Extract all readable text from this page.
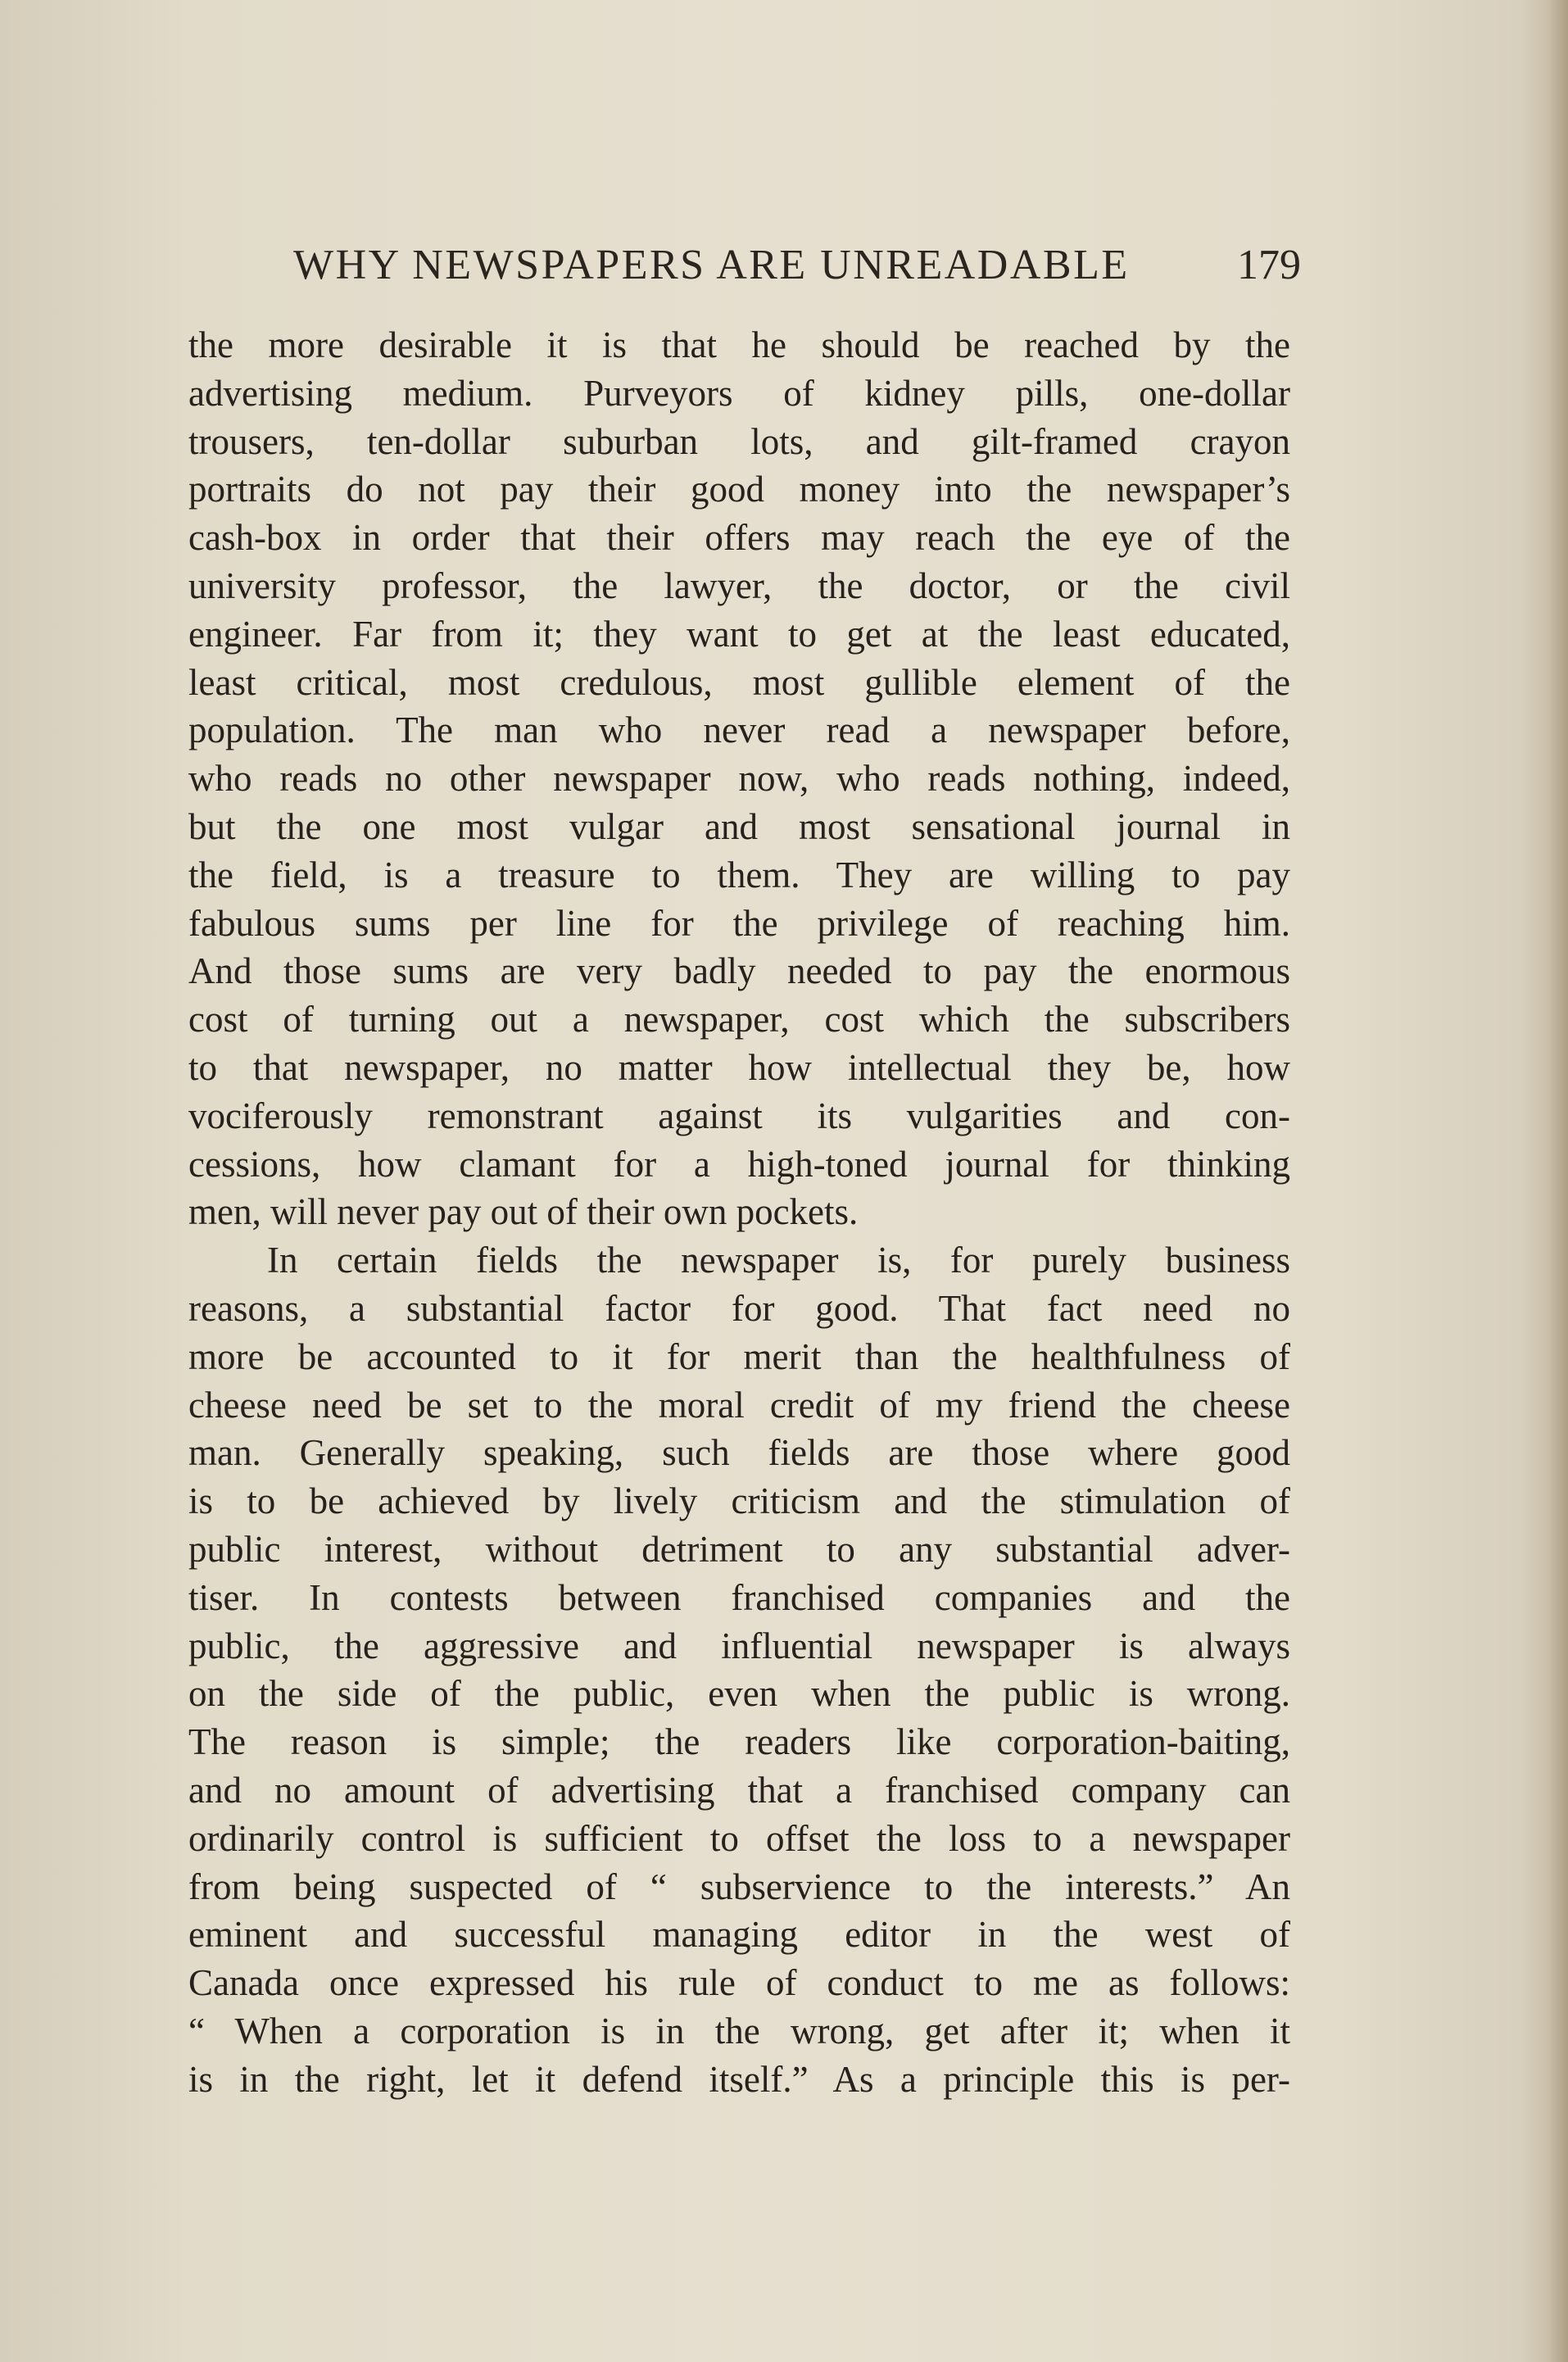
WHY NEWSPAPERS ARE UNREADABLE	179
the more desirable it is that he should be reached by the
advertising medium. Purveyors of kidney pills, one-dollar
trousers, ten-dollar suburban lots, and gilt-framed crayon
portraits do not pay their good money into the newspaper’s
cash-box in order that their offers may reach the eye of the
university professor, the lawyer, the doctor, or the civil
engineer. Far from it; they want to get at the least educated,
least critical, most credulous, most gullible element of the
population. The man who never read a newspaper before,
who reads no other newspaper now, who reads nothing, indeed,
but the one most vulgar and most sensational journal in
the field, is a treasure to them. They are willing to pay
fabulous sums per line for the privilege of reaching him.
And those sums are very badly needed to pay the enormous
cost of turning out a newspaper, cost which the subscribers
to that newspaper, no matter how intellectual they be, how
vociferously remonstrant against its vulgarities and con-
cessions, how clamant for a high-toned journal for thinking
men, will never pay out of their own pockets.
In certain fields the newspaper is, for purely business
reasons, a substantial factor for good. That fact need no
more be accounted to it for merit than the healthfulness of
cheese need be set to the moral credit of my friend the cheese
man. Generally speaking, such fields are those where good
is to be achieved by lively criticism and the stimulation of
public interest, without detriment to any substantial adver-
tiser. In contests between franchised companies and the
public, the aggressive and influential newspaper is always
on the side of the public, even when the public is wrong.
The reason is simple; the readers like corporation-baiting,
and no amount of advertising that a franchised company can
ordinarily control is sufficient to offset the loss to a newspaper
from being suspected of “ subservience to the interests.” An
eminent and successful managing editor in the west of
Canada once expressed his rule of conduct to me as follows:
“ When a corporation is in the wrong, get after it; when it
is in the right, let it defend itself.” As a principle this is per-
